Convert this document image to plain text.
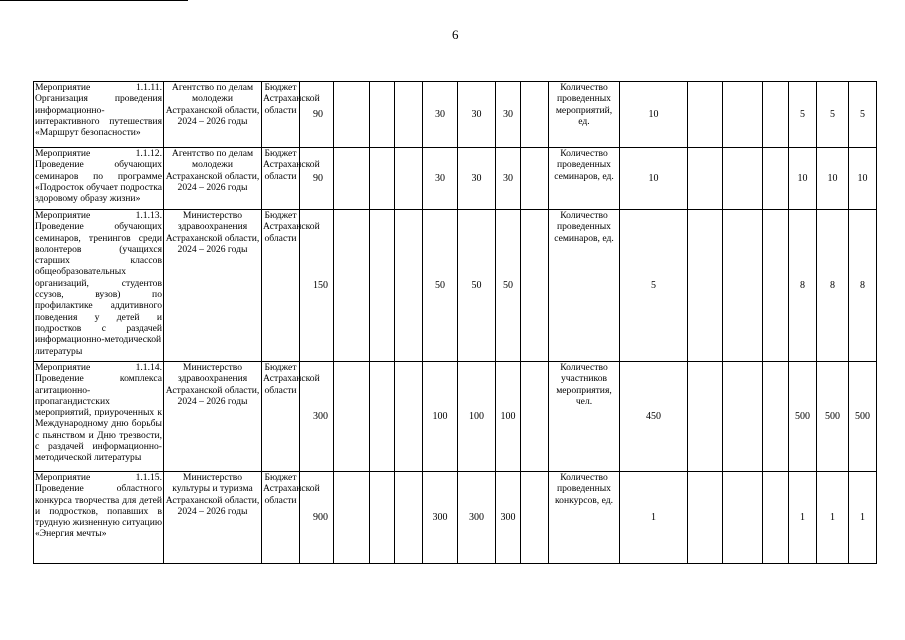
6
Мероприятие 1.1.11. Организация проведения информационно-интерактивного путешествия «Маршрут безопасности»	Агентство по делам молодежи Астраханской области, 2024 – 2026 годы	Бюджет Астраханской области	90				30	30	30		Количество проведенных мероприятий, ед.	10				5	5	5
Мероприятие 1.1.12. Проведение обучающих семинаров по программе «Подросток обучает подростка здоровому образу жизни»	Агентство по делам молодежи Астраханской области, 2024 – 2026 годы	Бюджет Астраханской области	90				30	30	30		Количество проведенных семинаров, ед.	10				10	10	10
Мероприятие 1.1.13. Проведение обучающих семинаров, тренингов среди волонтеров (учащихся старших классов общеобразовательных организаций, студентов ссузов, вузов) по профилактике аддитивного поведения у детей и подростков с раздачей информационно-методической литературы	Министерство здравоохранения Астраханской области, 2024 – 2026 годы	Бюджет Астраханской области	150				50	50	50		Количество проведенных семинаров, ед.	5				8	8	8
Мероприятие 1.1.14. Проведение комплекса агитационно-пропагандистских мероприятий, приуроченных к Международному дню борьбы с пьянством и Дню трезвости, с раздачей информационно-методической литературы	Министерство здравоохранения Астраханской области, 2024 – 2026 годы	Бюджет Астраханской области	300				100	100	100		Количество участников мероприятия, чел.	450				500	500	500
Мероприятие 1.1.15. Проведение областного конкурса творчества для детей и подростков, попавших в трудную жизненную ситуацию «Энергия мечты»	Министерство культуры и туризма Астраханской области, 2024 – 2026 годы	Бюджет Астраханской области	900				300	300	300		Количество проведенных конкурсов, ед.	1				1	1	1
